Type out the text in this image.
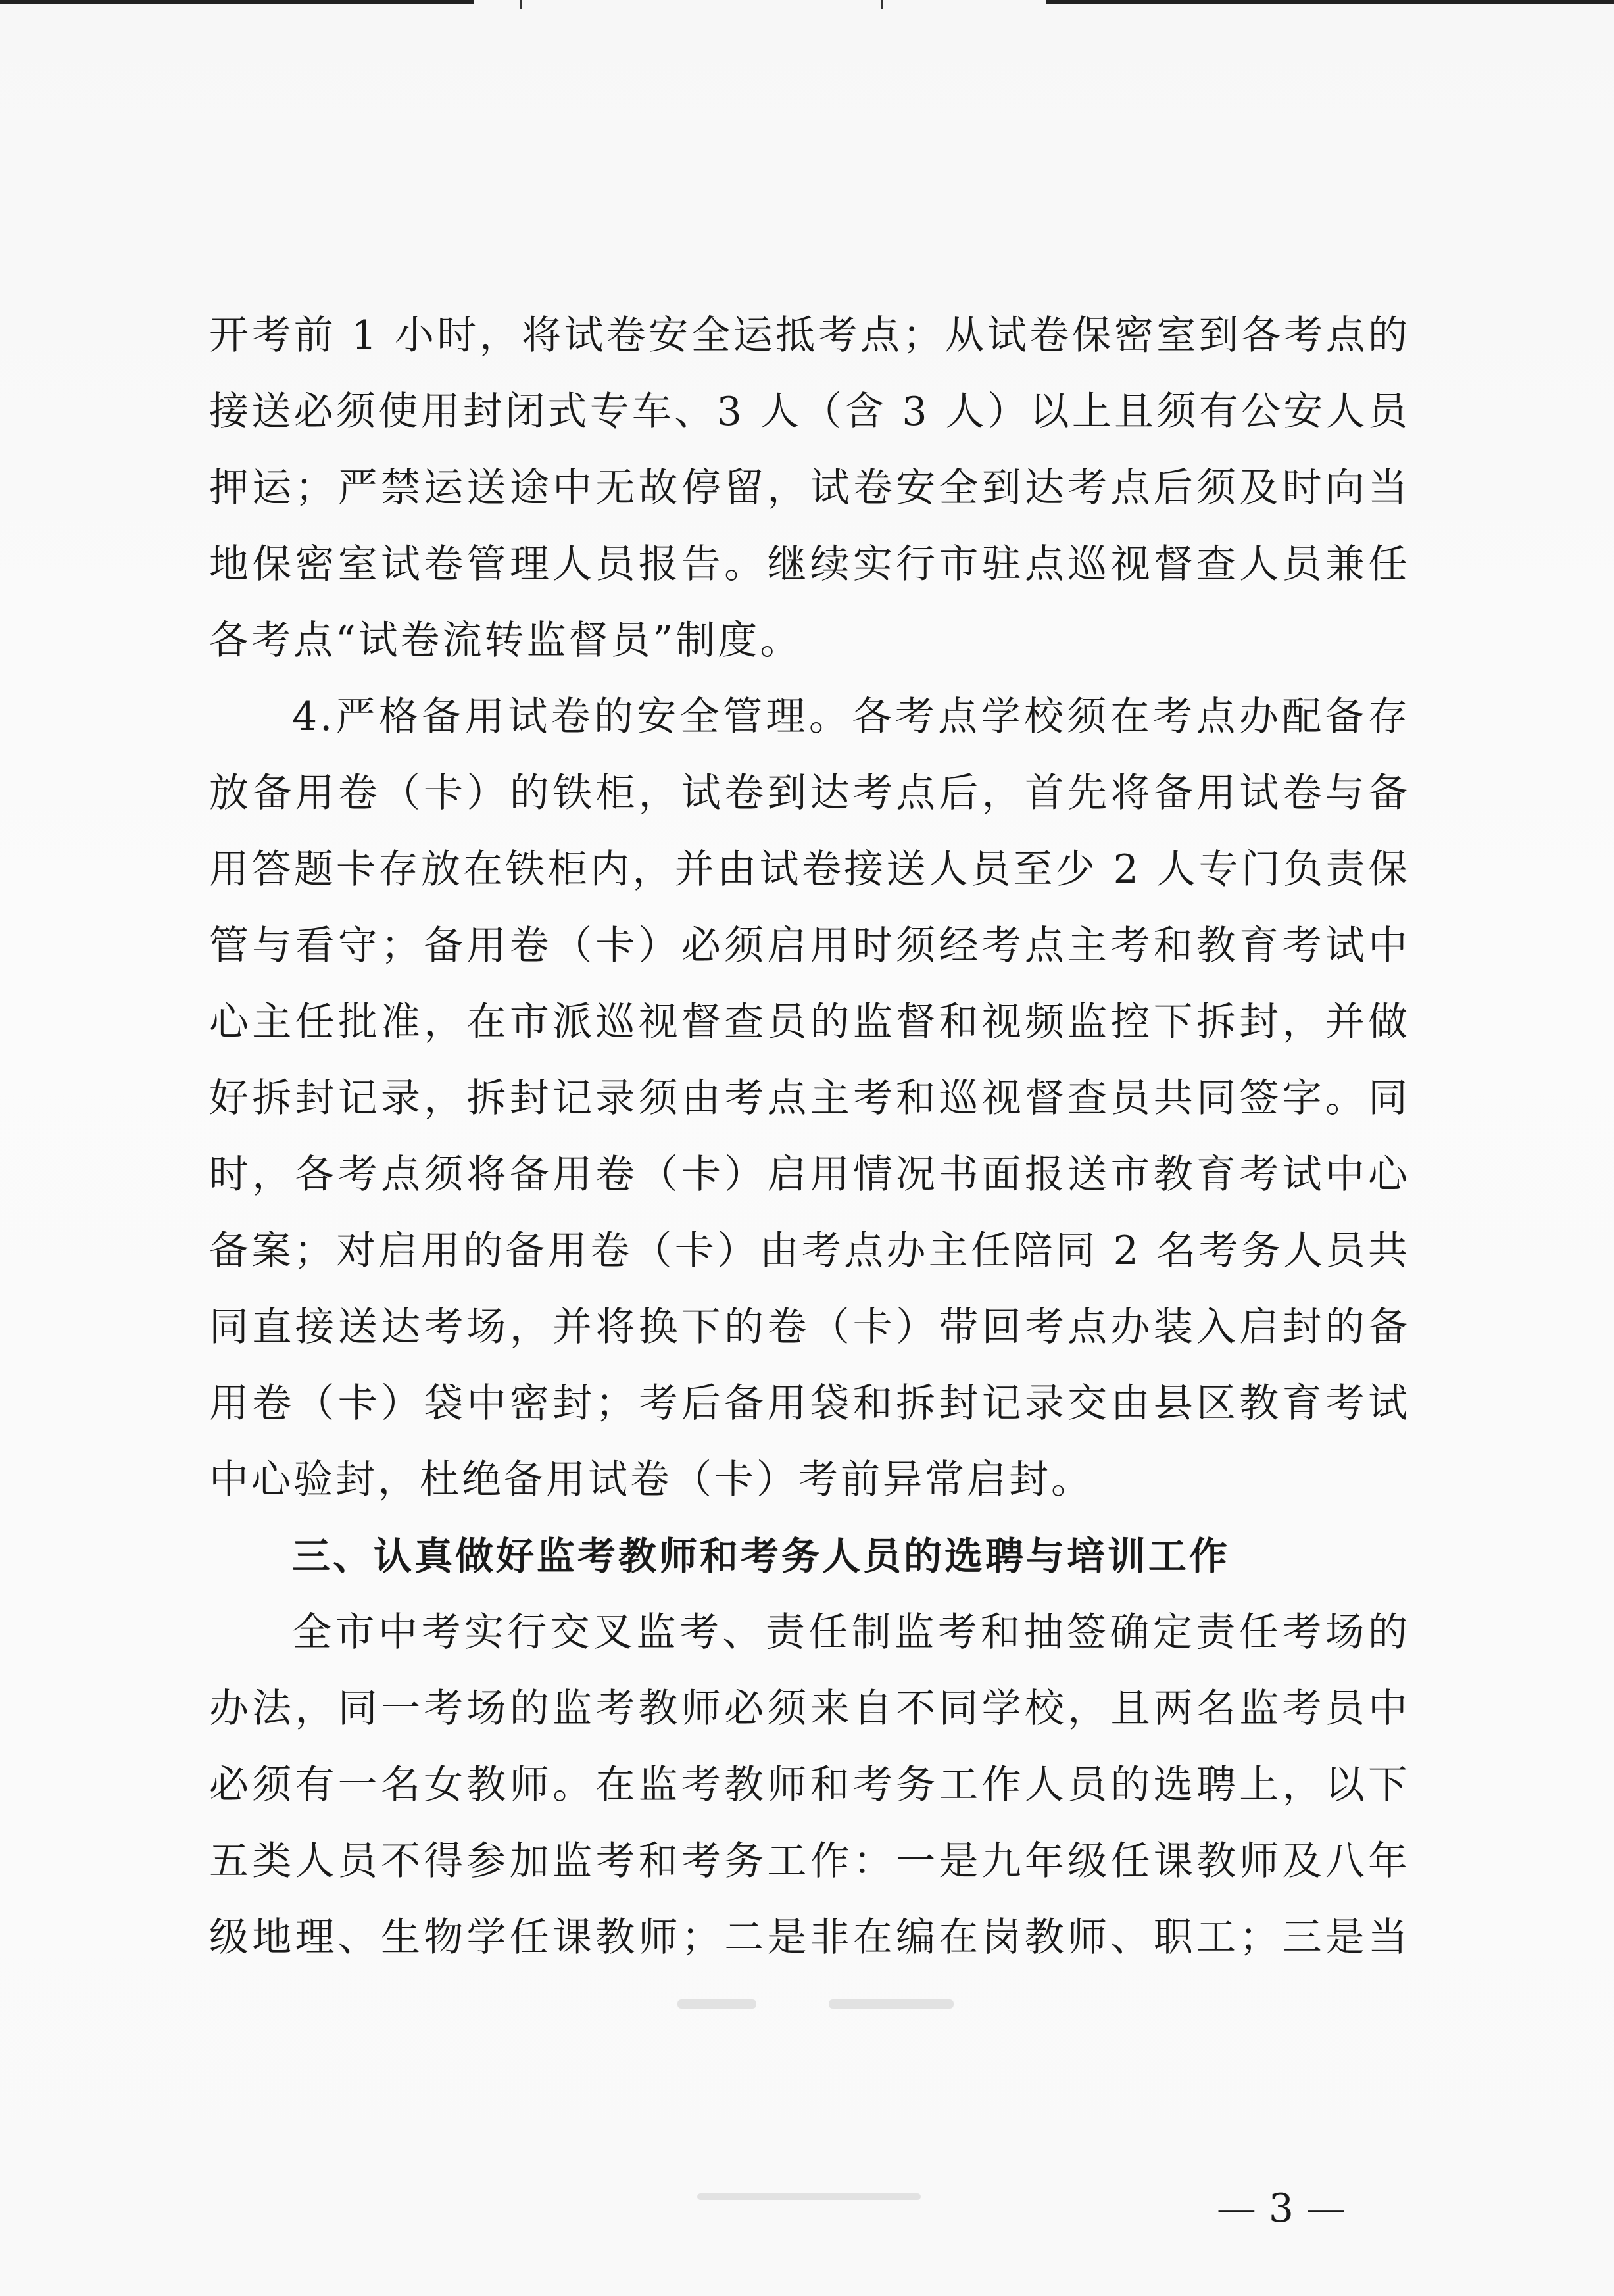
开考前 1 小时，将试卷安全运抵考点；从试卷保密室到各考点的
接送必须使用封闭式专车、3 人（含 3 人）以上且须有公安人员
押运；严禁运送途中无故停留，试卷安全到达考点后须及时向当
地保密室试卷管理人员报告。继续实行市驻点巡视督查人员兼任
各考点“试卷流转监督员”制度。
4.严格备用试卷的安全管理。各考点学校须在考点办配备存
放备用卷（卡）的铁柜，试卷到达考点后，首先将备用试卷与备
用答题卡存放在铁柜内，并由试卷接送人员至少 2 人专门负责保
管与看守；备用卷（卡）必须启用时须经考点主考和教育考试中
心主任批准，在市派巡视督查员的监督和视频监控下拆封，并做
好拆封记录，拆封记录须由考点主考和巡视督查员共同签字。同
时，各考点须将备用卷（卡）启用情况书面报送市教育考试中心
备案；对启用的备用卷（卡）由考点办主任陪同 2 名考务人员共
同直接送达考场，并将换下的卷（卡）带回考点办装入启封的备
用卷（卡）袋中密封；考后备用袋和拆封记录交由县区教育考试
中心验封，杜绝备用试卷（卡）考前异常启封。
三、认真做好监考教师和考务人员的选聘与培训工作
全市中考实行交叉监考、责任制监考和抽签确定责任考场的
办法，同一考场的监考教师必须来自不同学校，且两名监考员中
必须有一名女教师。在监考教师和考务工作人员的选聘上，以下
五类人员不得参加监考和考务工作：一是九年级任课教师及八年
级地理、生物学任课教师；二是非在编在岗教师、职工；三是当
— 3 —
